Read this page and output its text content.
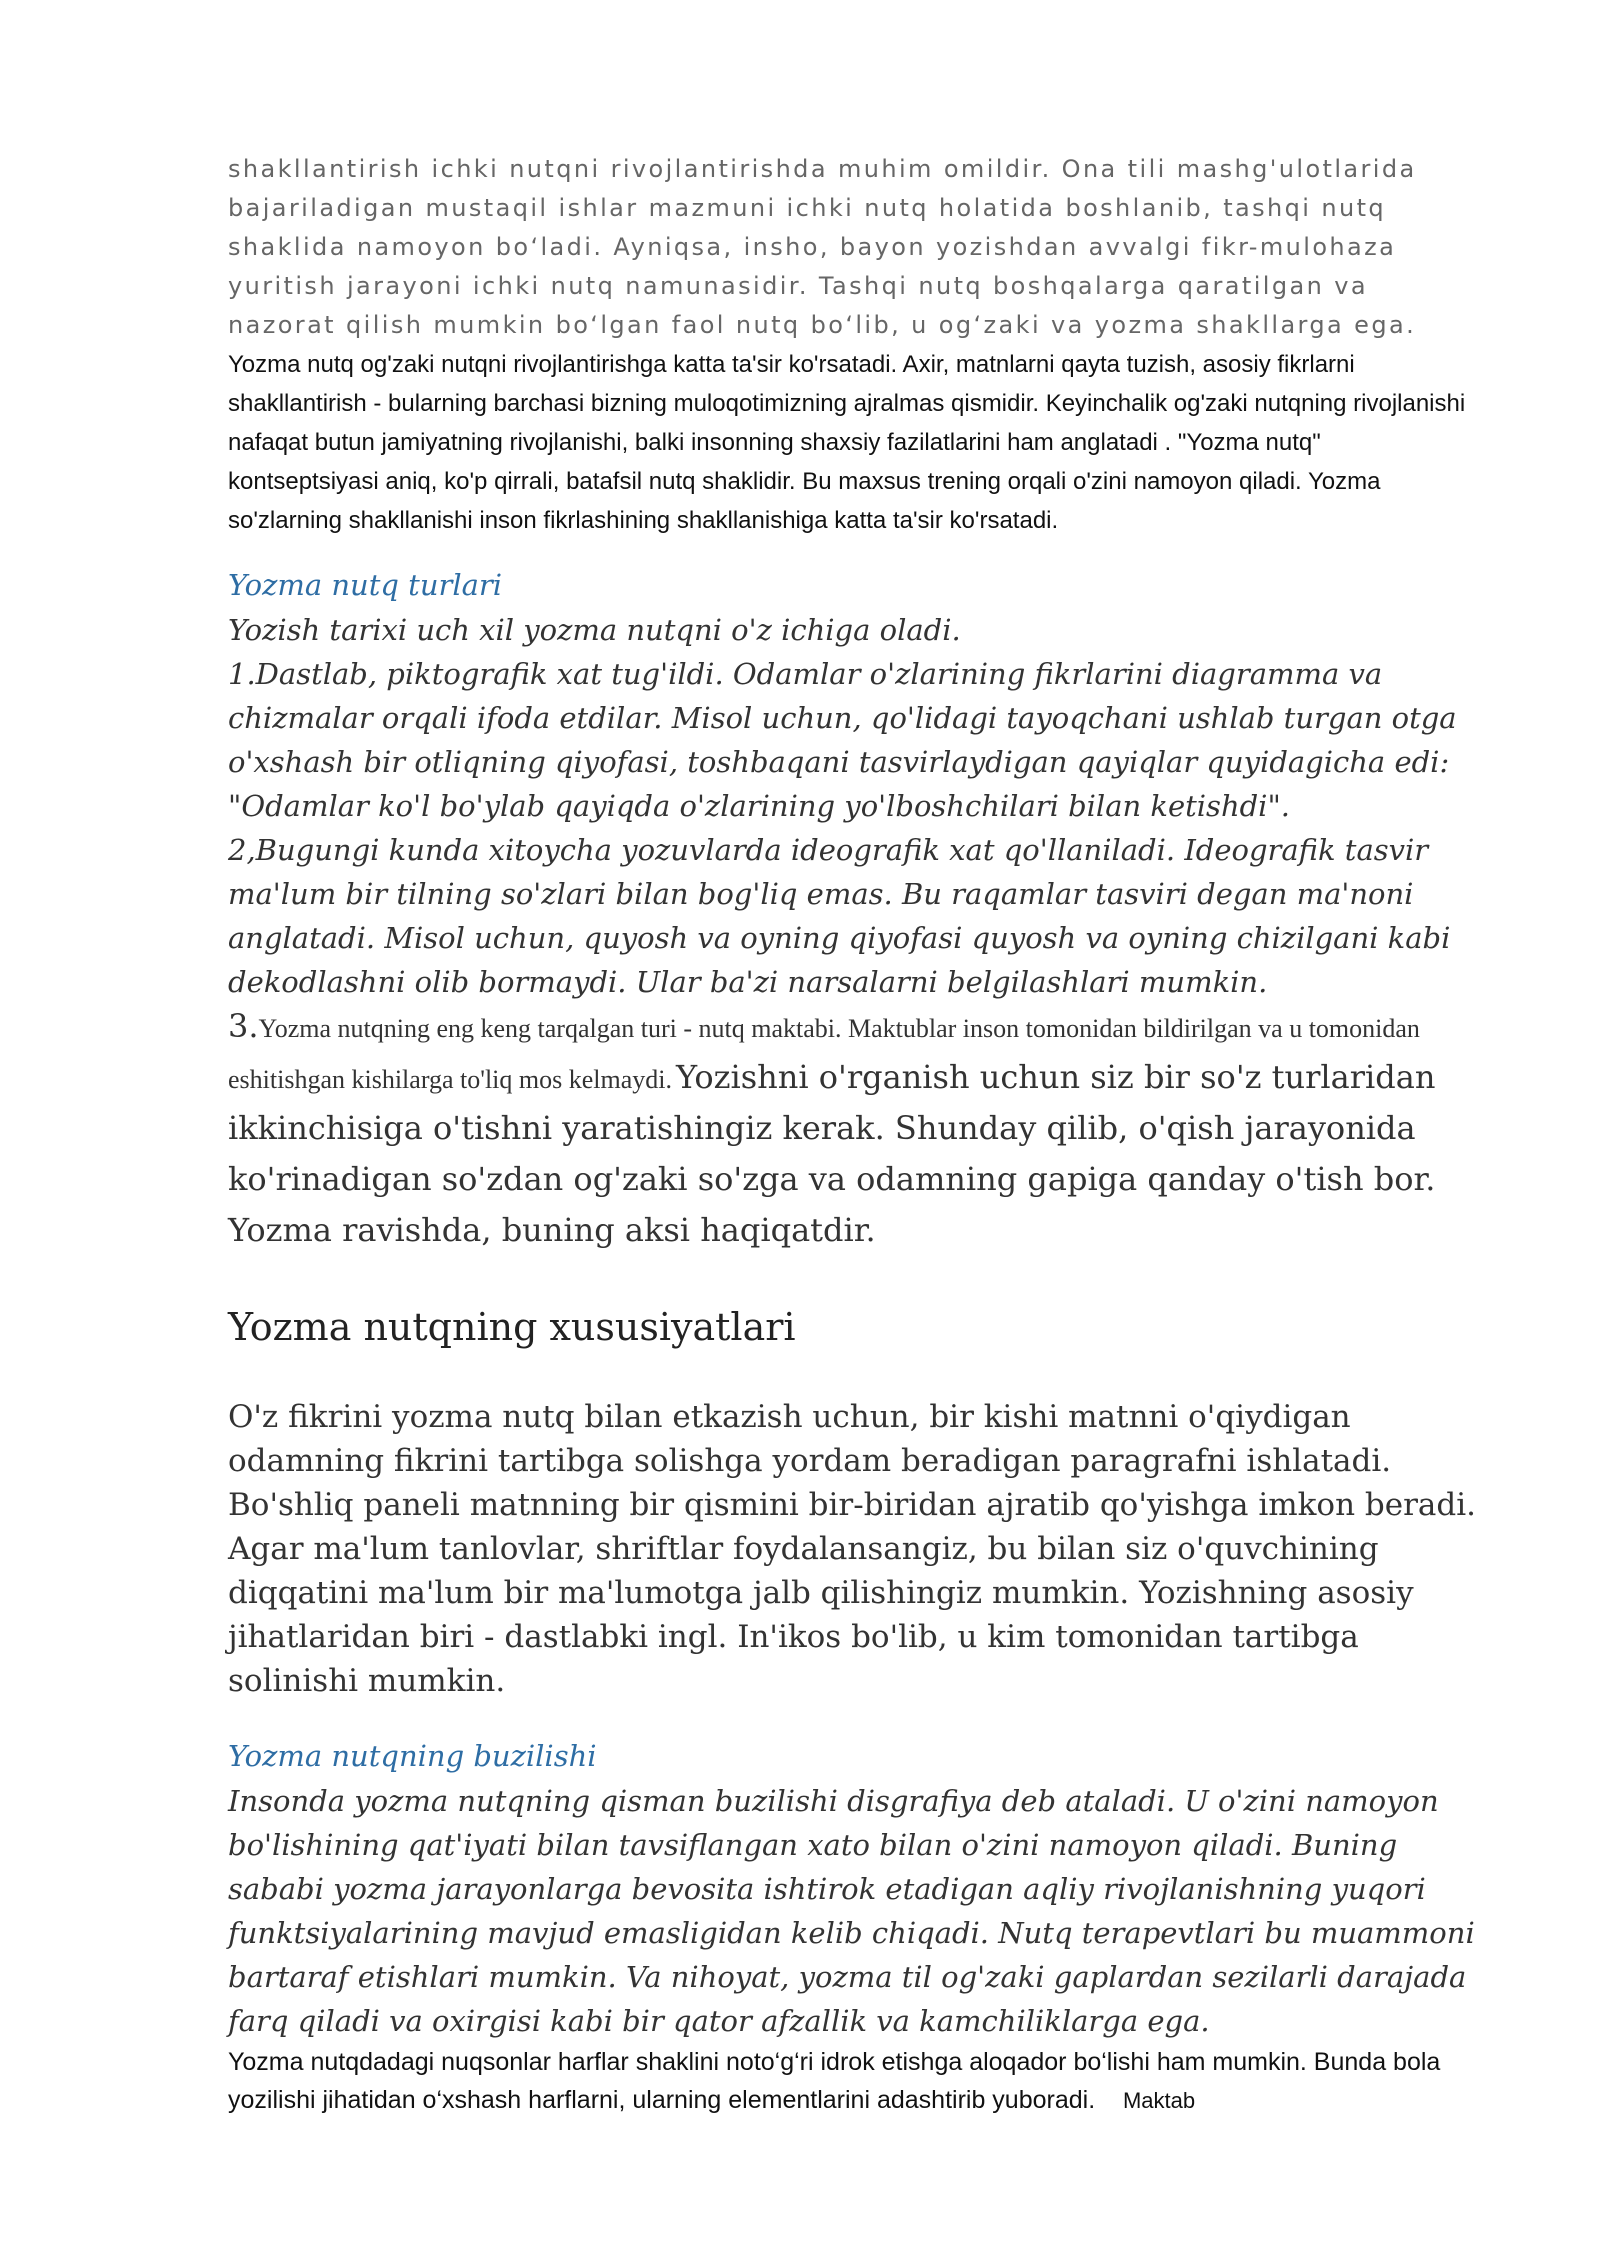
shakllantirish ichki nutqni rivojlantirishda muhim omildir. Ona tili mashg'ulotlarida bajariladigan mustaqil ishlar mazmuni ichki nutq holatida boshlanib, tashqi nutq shaklida namoyon bo‘ladi. Ayniqsa, insho, bayon yozishdan avvalgi fikr-mulohaza yuritish jarayoni ichki nutq namunasidir. Tashqi nutq boshqalarga qaratilgan va nazorat qilish mumkin bo‘lgan faol nutq bo‘lib, u og‘zaki va yozma shakllarga ega. Yozma nutq og'zaki nutqni rivojlantirishga katta ta'sir ko'rsatadi. Axir, matnlarni qayta tuzish, asosiy fikrlarni shakllantirish - bularning barchasi bizning muloqotimizning ajralmas qismidir. Keyinchalik og'zaki nutqning rivojlanishi nafaqat butun jamiyatning rivojlanishi, balki insonning shaxsiy fazilatlarini ham anglatadi . "Yozma nutq" kontseptsiyasi aniq, ko'p qirrali, batafsil nutq shaklidir. Bu maxsus trening orqali o'zini namoyon qiladi. Yozma so'zlarning shakllanishi inson fikrlashining shakllanishiga katta ta'sir ko'rsatadi.

Yozma nutq turlari

Yozish tarixi uch xil yozma nutqni o'z ichiga oladi.

1.Dastlab, piktografik xat tug'ildi. Odamlar o'zlarining fikrlarini diagramma va chizmalar orqali ifoda etdilar. Misol uchun, qo'lidagi tayoqchani ushlab turgan otga o'xshash bir otliqning qiyofasi, toshbaqani tasvirlaydigan qayiqlar quyidagicha edi: "Odamlar ko'l bo'ylab qayiqda o'zlarining yo'lboshchilari bilan ketishdi".

2,Bugungi kunda xitoycha yozuvlarda ideografik xat qo'llaniladi. Ideografik tasvir ma'lum bir tilning so'zlari bilan bog'liq emas. Bu raqamlar tasviri degan ma'noni anglatadi. Misol uchun, quyosh va oyning qiyofasi quyosh va oyning chizilgani kabi dekodlashni olib bormaydi. Ular ba'zi narsalarni belgilashlari mumkin.

3.Yozma nutqning eng keng tarqalgan turi - nutq maktabi. Maktublar inson tomonidan bildirilgan va u tomonidan eshitishgan kishilarga to'liq mos kelmaydi. Yozishni o'rganish uchun siz bir so'z turlaridan ikkinchisiga o'tishni yaratishingiz kerak. Shunday qilib, o'qish jarayonida ko'rinadigan so'zdan og'zaki so'zga va odamning gapiga qanday o'tish bor. Yozma ravishda, buning aksi haqiqatdir.

Yozma nutqning xususiyatlari

O'z fikrini yozma nutq bilan etkazish uchun, bir kishi matnni o'qiydigan odamning fikrini tartibga solishga yordam beradigan paragrafni ishlatadi. Bo'shliq paneli matnning bir qismini bir-biridan ajratib qo'yishga imkon beradi. Agar ma'lum tanlovlar, shriftlar foydalansangiz, bu bilan siz o'quvchining diqqatini ma'lum bir ma'lumotga jalb qilishingiz mumkin. Yozishning asosiy jihatlaridan biri - dastlabki ingl. In'ikos bo'lib, u kim tomonidan tartibga solinishi mumkin.

Yozma nutqning buzilishi

Insonda yozma nutqning qisman buzilishi disgrafiya deb ataladi. U o'zini namoyon bo'lishining qat'iyati bilan tavsiflangan xato bilan o'zini namoyon qiladi. Buning sababi yozma jarayonlarga bevosita ishtirok etadigan aqliy rivojlanishning yuqori funktsiyalarining mavjud emasligidan kelib chiqadi. Nutq terapevtlari bu muammoni bartaraf etishlari mumkin. Va nihoyat, yozma til og'zaki gaplardan sezilarli darajada farq qiladi va oxirgisi kabi bir qator afzallik va kamchiliklarga ega.

Yozma nutqdadagi nuqsonlar harflar shaklini noto‘g‘ri idrok etishga aloqador bo‘lishi ham mumkin. Bunda bola yozilishi jihatidan o‘xshash harflarni, ularning elementlarini adashtirib yuboradi. Maktab
